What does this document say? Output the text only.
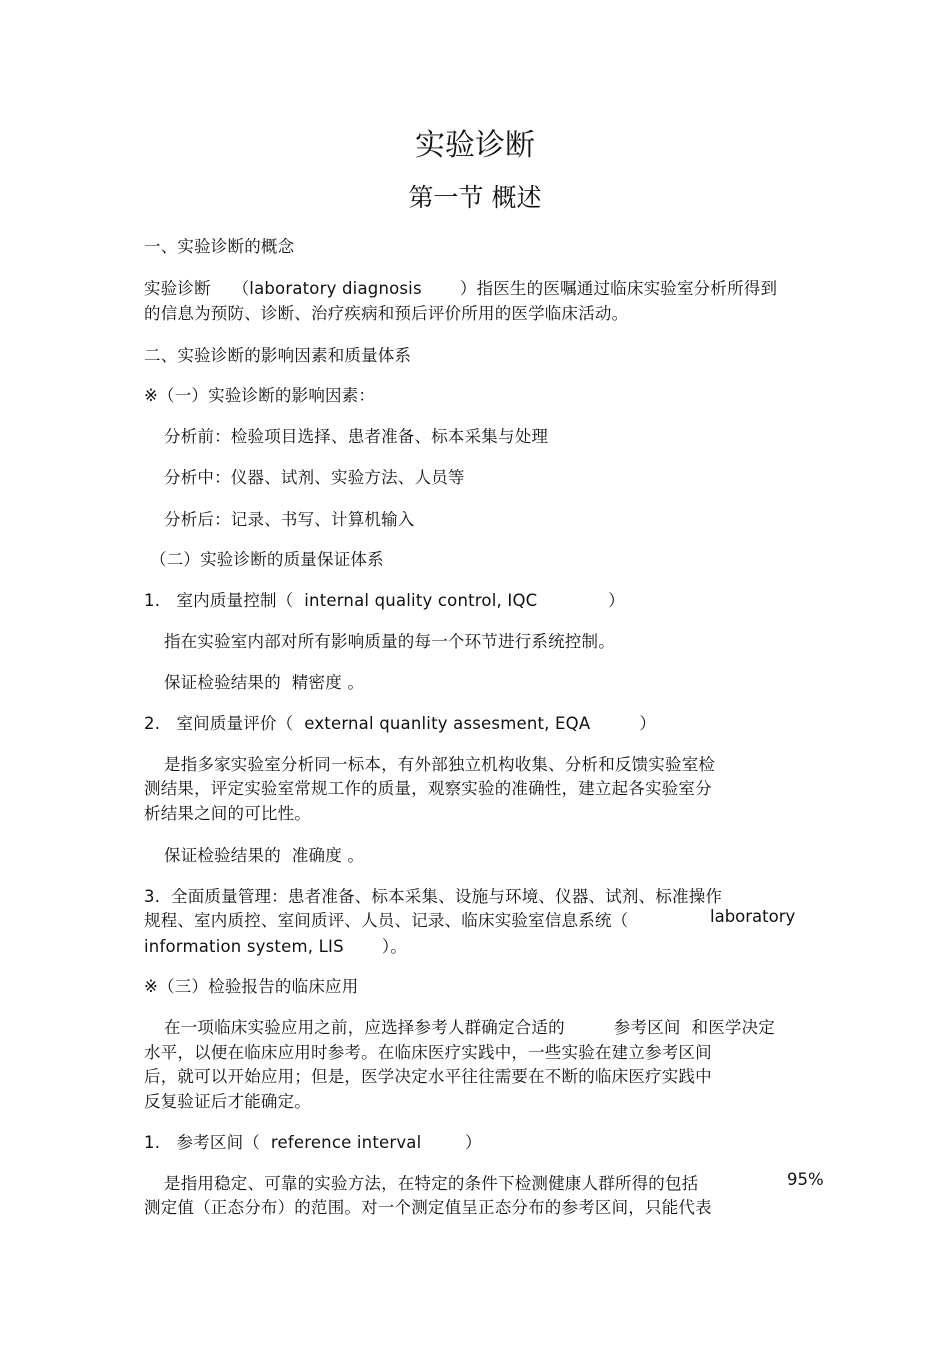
实验诊断
第一节 概述
一、实验诊断的概念
实验诊断    （laboratory diagnosis       ）指医生的医嘱通过临床实验室分析所得到
的信息为预防、诊断、治疗疾病和预后评价所用的医学临床活动。
二、实验诊断的影响因素和质量体系
※（一）实验诊断的影响因素：
分析前：检验项目选择、患者准备、标本采集与处理
分析中：仪器、试剂、实验方法、人员等
分析后：记录、书写、计算机输入
（二）实验诊断的质量保证体系
1.   室内质量控制（  internal quality control, IQC             ）
指在实验室内部对所有影响质量的每一个环节进行系统控制。
保证检验结果的  精密度 。
2.   室间质量评价（  external quanlity assesment, EQA         ）
是指多家实验室分析同一标本，有外部独立机构收集、分析和反馈实验室检
测结果，评定实验室常规工作的质量，观察实验的准确性，建立起各实验室分
析结果之间的可比性。
保证检验结果的  准确度 。
3.  全面质量管理：患者准备、标本采集、设施与环境、仪器、试剂、标准操作
规程、室内质控、室间质评、人员、记录、临床实验室信息系统（	laboratory
information system, LIS       ）。
※（三）检验报告的临床应用
在一项临床实验应用之前，应选择参考人群确定合适的         参考区间  和医学决定
水平，以便在临床应用时参考。在临床医疗实践中，一些实验在建立参考区间
后，就可以开始应用；但是，医学决定水平往往需要在不断的临床医疗实践中
反复验证后才能确定。
1.   参考区间（  reference interval        ）
是指用稳定、可靠的实验方法，在特定的条件下检测健康人群所得的包括	95%
测定值（正态分布）的范围。对一个测定值呈正态分布的参考区间，只能代表
